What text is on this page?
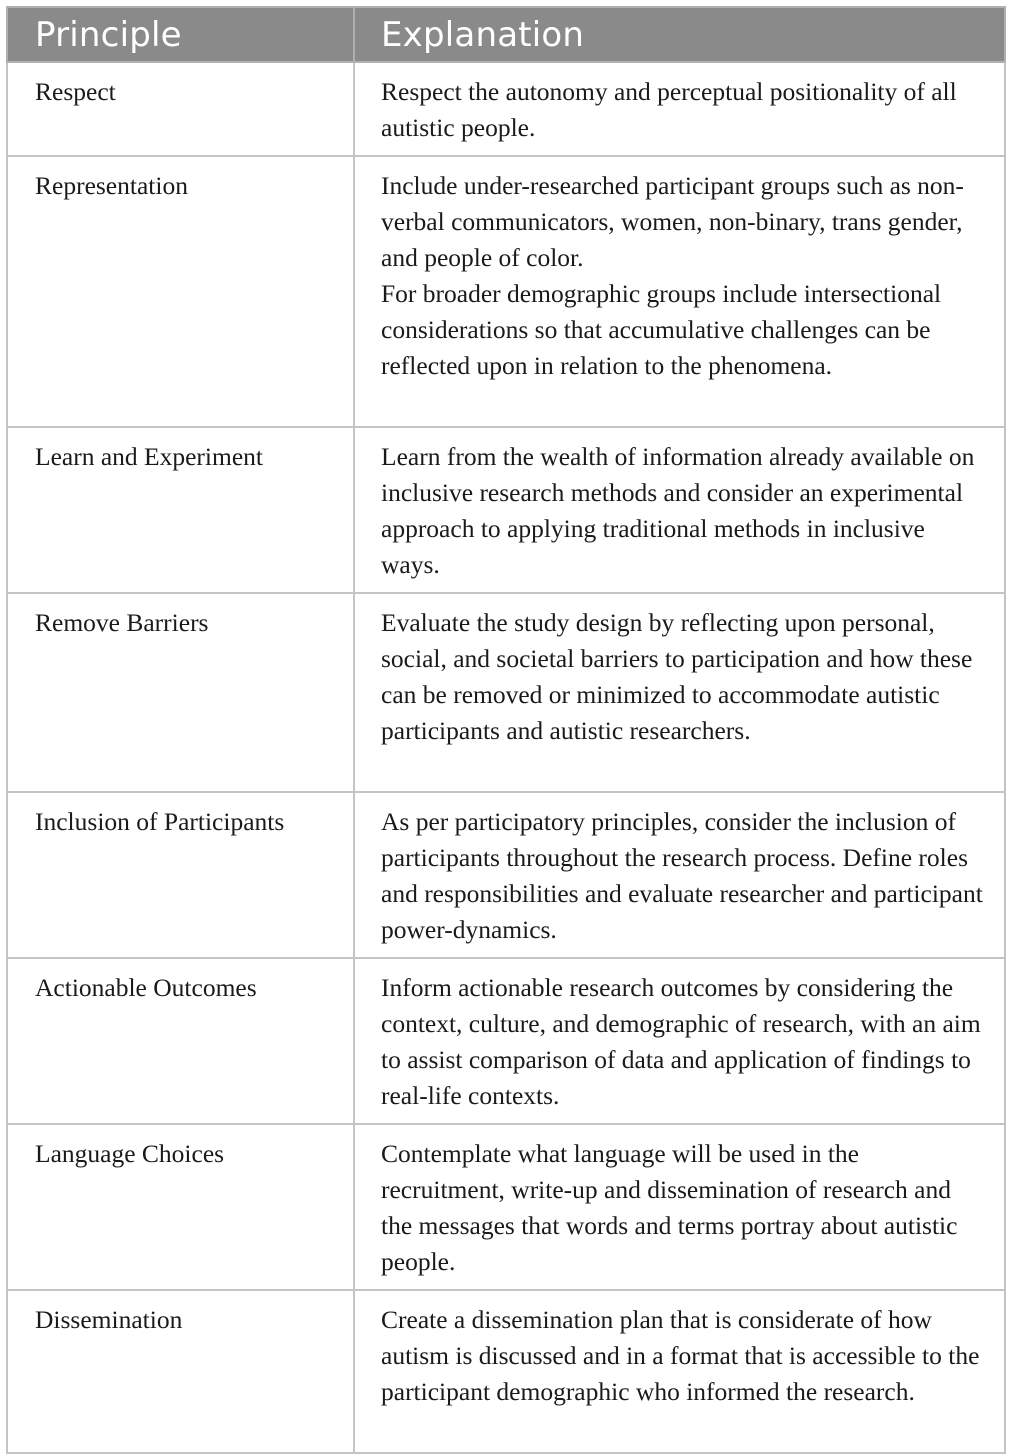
Principle	Explanation
Respect	Respect the autonomy and perceptual positionality of all autistic people.

Representation	Include under-researched participant groups such as non-verbal communicators, women, non-binary, trans gender, and people of color.
For broader demographic groups include intersectional considerations so that accumulative challenges can be reflected upon in relation to the phenomena.

Learn and Experiment	Learn from the wealth of information already available on inclusive research methods and consider an experimental approach to applying traditional methods in inclusive ways.

Remove Barriers	Evaluate the study design by reflecting upon personal, social, and societal barriers to participation and how these can be removed or minimized to accommodate autistic participants and autistic researchers.

Inclusion of Participants	As per participatory principles, consider the inclusion of participants throughout the research process. Define roles and responsibilities and evaluate researcher and participant power-dynamics.

Actionable Outcomes	Inform actionable research outcomes by considering the context, culture, and demographic of research, with an aim to assist comparison of data and application of findings to real-life contexts.

Language Choices	Contemplate what language will be used in the recruitment, write-up and dissemination of research and the messages that words and terms portray about autistic people.

Dissemination	Create a dissemination plan that is considerate of how autism is discussed and in a format that is accessible to the participant demographic who informed the research.
